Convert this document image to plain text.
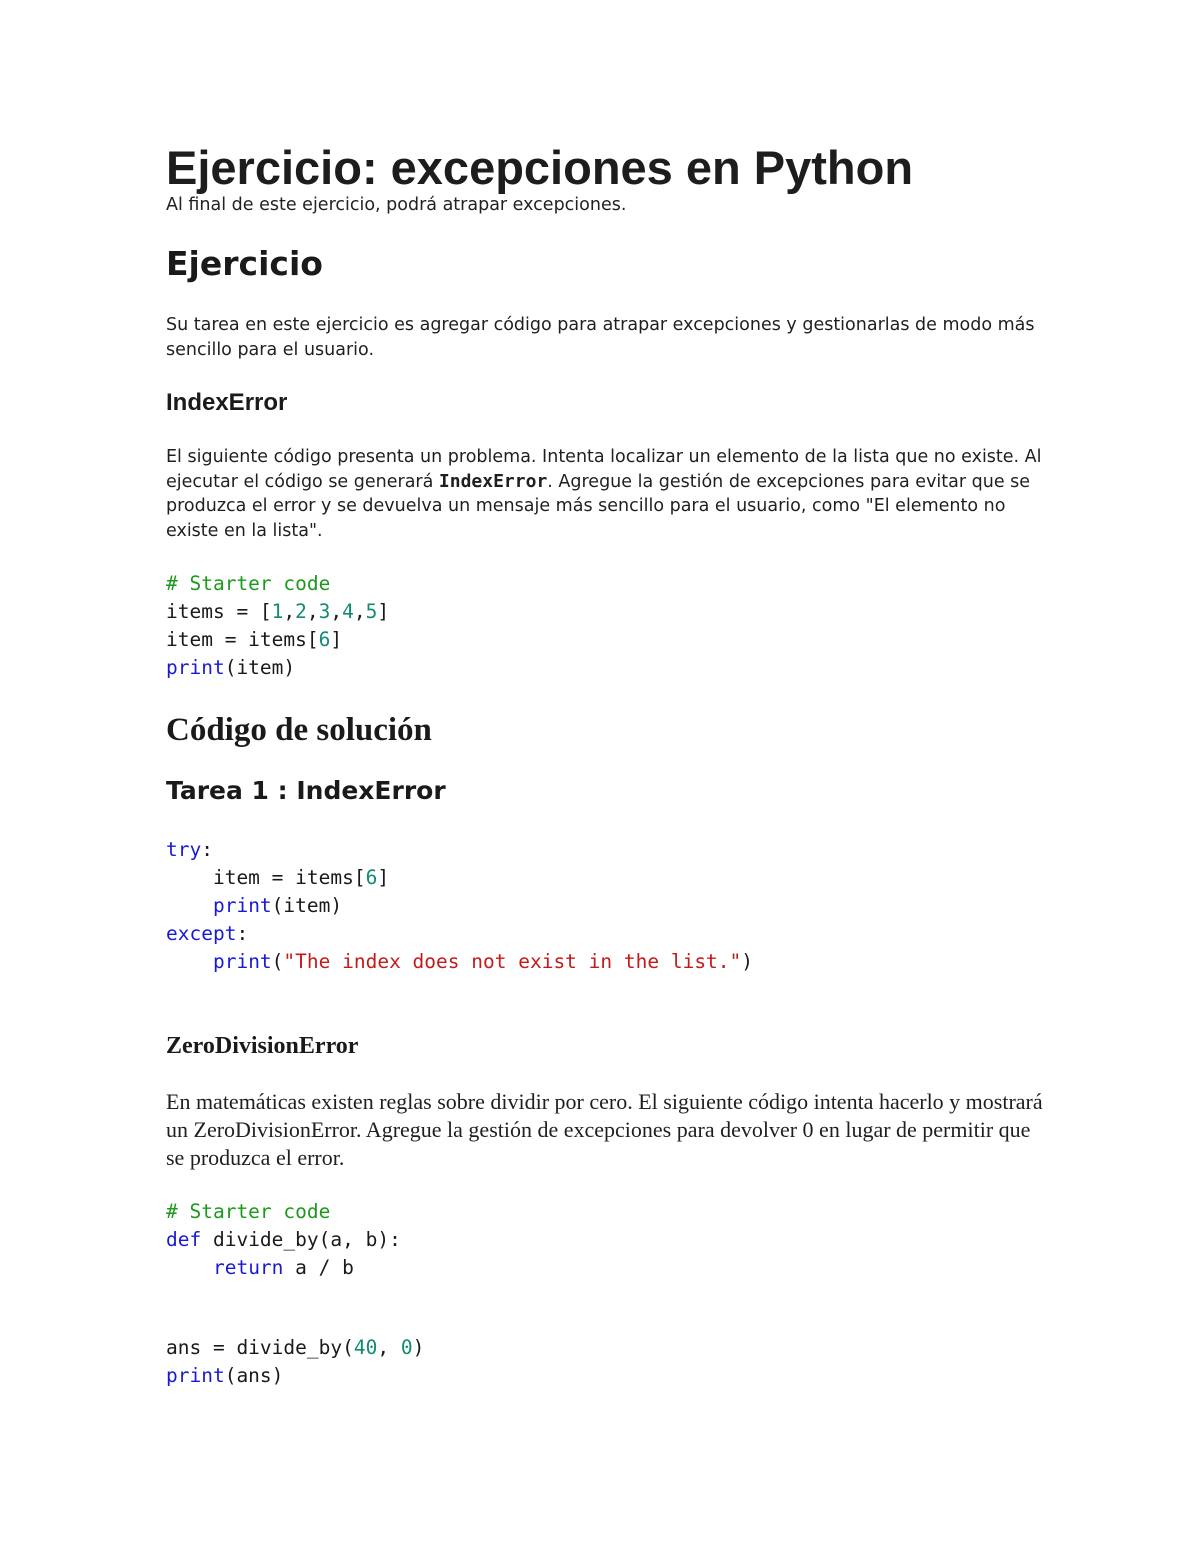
Ejercicio: excepciones en Python
Al final de este ejercicio, podrá atrapar excepciones.
Ejercicio
Su tarea en este ejercicio es agregar código para atrapar excepciones y gestionarlas de modo más sencillo para el usuario.
IndexError
El siguiente código presenta un problema. Intenta localizar un elemento de la lista que no existe. Al ejecutar el código se generará IndexError. Agregue la gestión de excepciones para evitar que se produzca el error y se devuelva un mensaje más sencillo para el usuario, como "El elemento no existe en la lista".
# Starter code
items = [1,2,3,4,5]
item = items[6]
print(item)
Código de solución
Tarea 1 : IndexError
try:
item = items[6]
print(item)
except:
print("The index does not exist in the list.")
ZeroDivisionError
En matemáticas existen reglas sobre dividir por cero. El siguiente código intenta hacerlo y mostrará un ZeroDivisionError. Agregue la gestión de excepciones para devolver 0 en lugar de permitir que se produzca el error.
# Starter code
def divide_by(a, b):
return a / b
ans = divide_by(40, 0)
print(ans)
